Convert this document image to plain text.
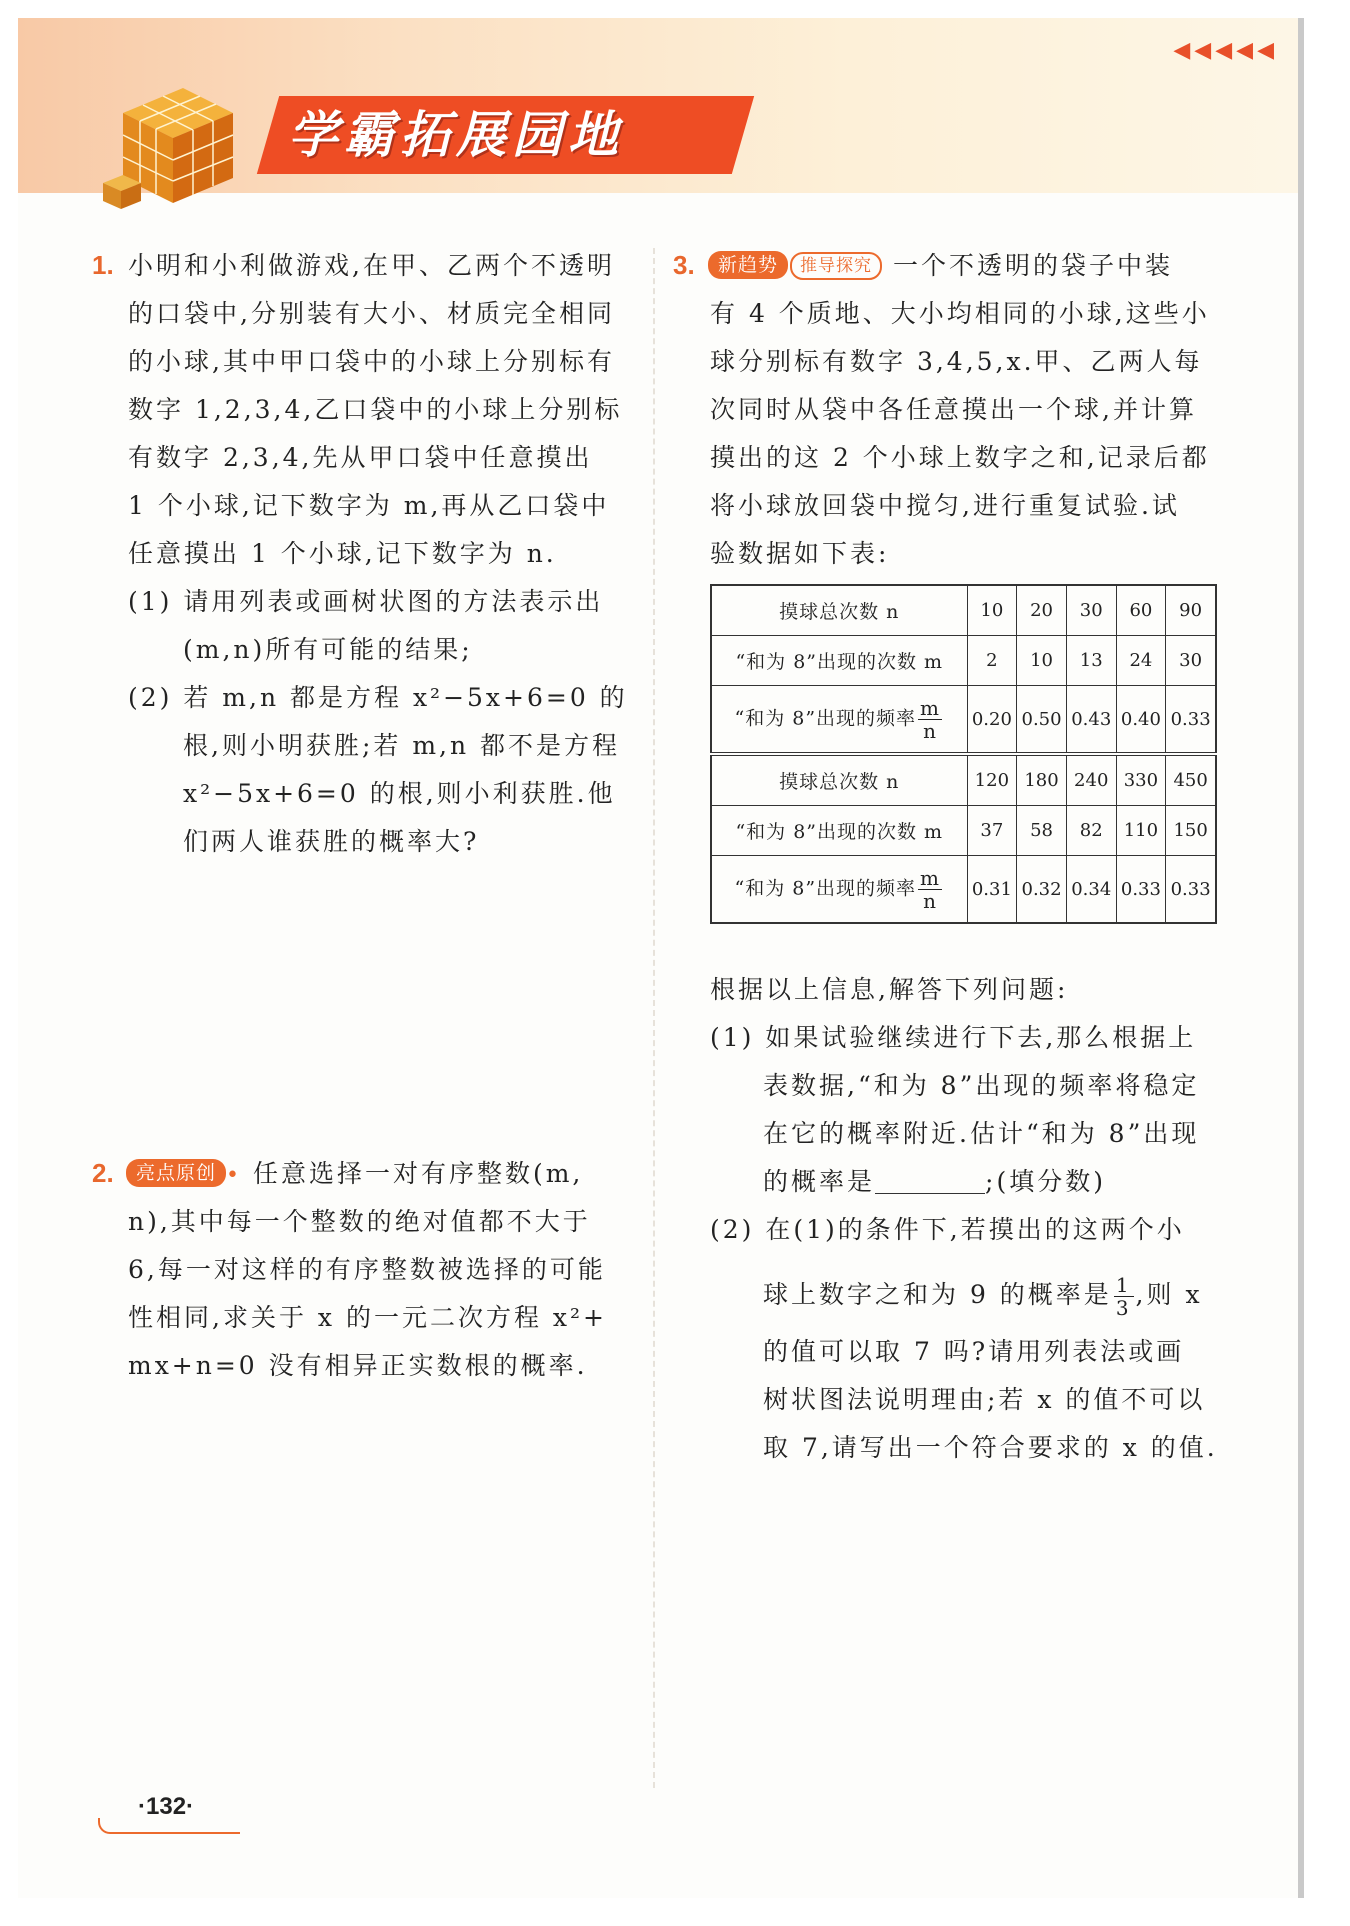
◀◀◀◀◀
学霸拓展园地
1. 小明和小利做游戏,在甲、乙两个不透明
的口袋中,分别装有大小、材质完全相同
的小球,其中甲口袋中的小球上分别标有
数字 1,2,3,4,乙口袋中的小球上分别标
有数字 2,3,4,先从甲口袋中任意摸出
1 个小球,记下数字为 m,再从乙口袋中
任意摸出 1 个小球,记下数字为 n.
(1) 请用列表或画树状图的方法表示出
(m,n)所有可能的结果;
(2) 若 m,n 都是方程 x²−5x+6=0 的
根,则小明获胜;若 m,n 都不是方程
x²−5x+6=0 的根,则小利获胜.他
们两人谁获胜的概率大?
2.	亮点原创 • 任意选择一对有序整数(m,
n),其中每一个整数的绝对值都不大于
6,每一对这样的有序整数被选择的可能
性相同,求关于 x 的一元二次方程 x²+
mx+n=0 没有相异正实数根的概率.
3.	新趋势 推导探究 一个不透明的袋子中装
有 4 个质地、大小均相同的小球,这些小
球分别标有数字 3,4,5,x.甲、乙两人每
次同时从袋中各任意摸出一个球,并计算
摸出的这 2 个小球上数字之和,记录后都
将小球放回袋中搅匀,进行重复试验.试
验数据如下表:
摸球总次数 n	10	20	30	60	90
“和为 8”出现的次数 m	2	10	13	24	30
“和为 8”出现的频率 $\frac{m}{n}$	0.20	0.50	0.43	0.40	0.33
摸球总次数 n	120	180	240	330	450
“和为 8”出现的次数 m	37	58	82	110	150
“和为 8”出现的频率 $\frac{m}{n}$	0.31	0.32	0.34	0.33	0.33
根据以上信息,解答下列问题:
(1) 如果试验继续进行下去,那么根据上
表数据,“和为 8”出现的频率将稳定
在它的概率附近.估计“和为 8”出现
的概率是	;(填分数)
(2) 在(1)的条件下,若摸出的这两个小
球上数字之和为 9 的概率是 $\frac{1}{3}$ ,则 x
的值可以取 7 吗?请用列表法或画
树状图法说明理由;若 x 的值不可以
取 7,请写出一个符合要求的 x 的值.
·132·
